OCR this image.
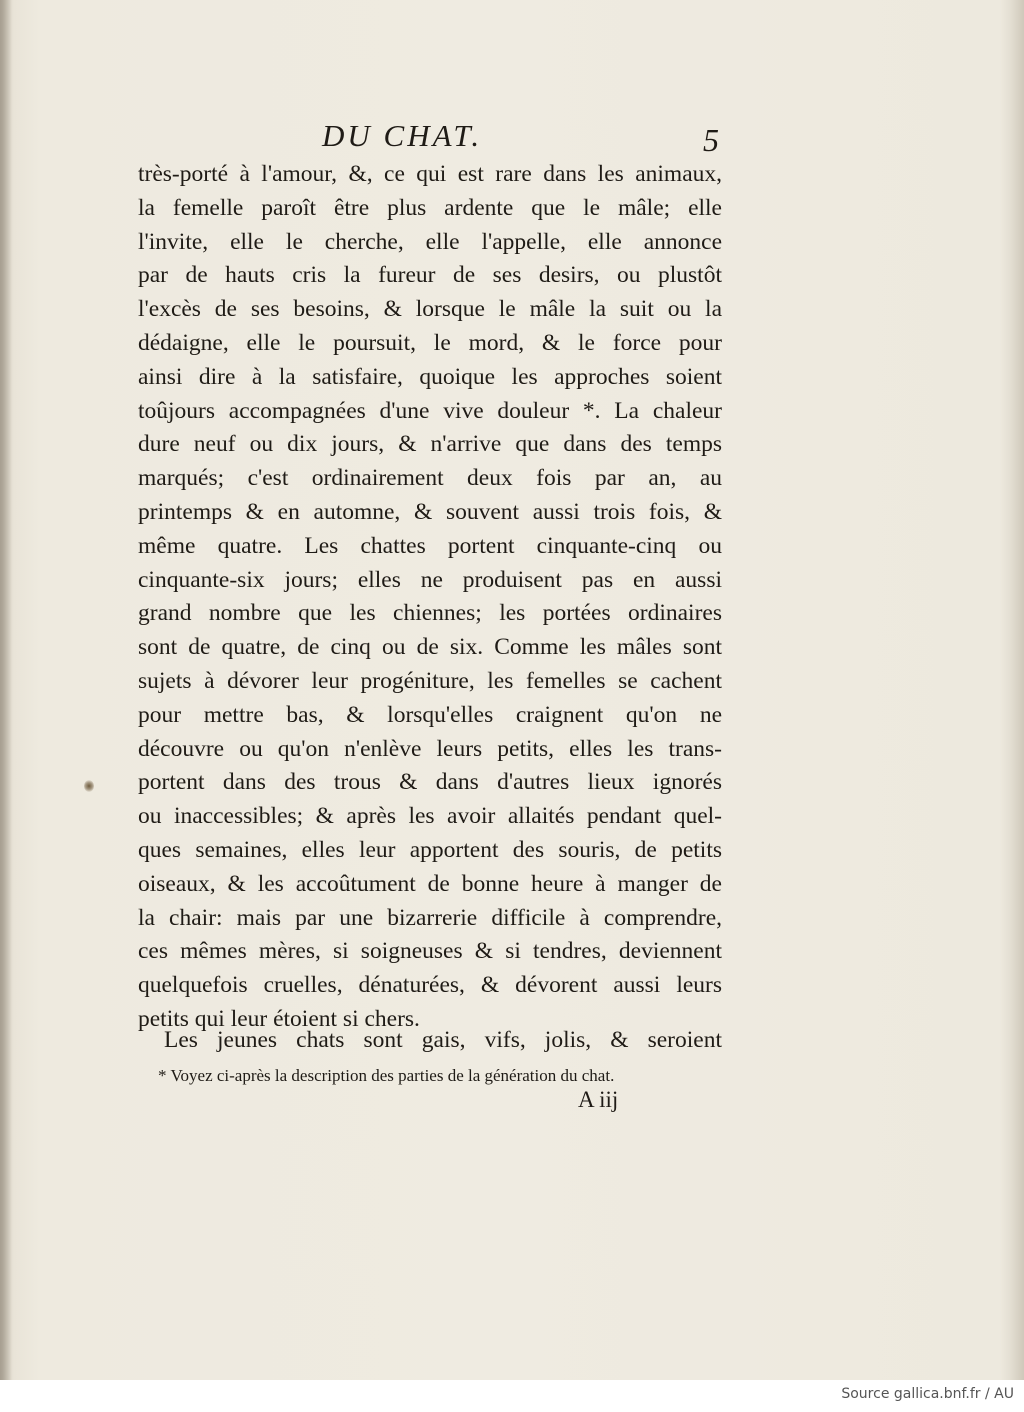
DU CHAT.	5
très-porté à l'amour, &, ce qui est rare dans les animaux,
la femelle paroît être plus ardente que le mâle; elle
l'invite, elle le cherche, elle l'appelle, elle annonce
par de hauts cris la fureur de ses desirs, ou plustôt
l'excès de ses besoins, & lorsque le mâle la suit ou la
dédaigne, elle le poursuit, le mord, & le force pour
ainsi dire à la satisfaire, quoique les approches soient
toûjours accompagnées d'une vive douleur *. La chaleur
dure neuf ou dix jours, & n'arrive que dans des temps
marqués; c'est ordinairement deux fois par an, au
printemps & en automne, & souvent aussi trois fois, &
même quatre. Les chattes portent cinquante-cinq ou
cinquante-six jours; elles ne produisent pas en aussi
grand nombre que les chiennes; les portées ordinaires
sont de quatre, de cinq ou de six. Comme les mâles sont
sujets à dévorer leur progéniture, les femelles se cachent
pour mettre bas, & lorsqu'elles craignent qu'on ne
découvre ou qu'on n'enlève leurs petits, elles les trans-
portent dans des trous & dans d'autres lieux ignorés
ou inaccessibles; & après les avoir allaités pendant quel-
ques semaines, elles leur apportent des souris, de petits
oiseaux, & les accoûtument de bonne heure à manger de
la chair: mais par une bizarrerie difficile à comprendre,
ces mêmes mères, si soigneuses & si tendres, deviennent
quelquefois cruelles, dénaturées, & dévorent aussi leurs
petits qui leur étoient si chers.
Les jeunes chats sont gais, vifs, jolis, & seroient
* Voyez ci-après la description des parties de la génération du chat.
A iij
Source gallica.bnf.fr / AU
